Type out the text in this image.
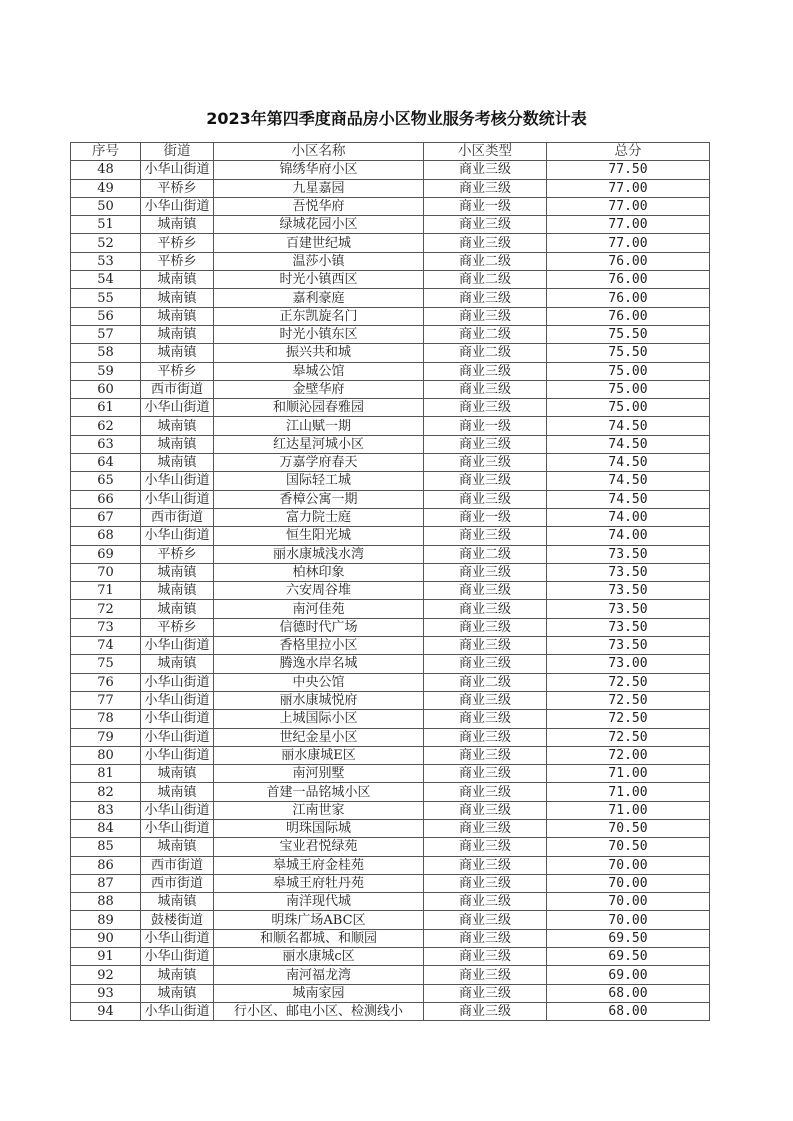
2023年第四季度商品房小区物业服务考核分数统计表
序号	街道	小区名称	小区类型	总分
48	小华山街道	锦绣华府小区	商业三级	77.50
49	平桥乡	九星嘉园	商业三级	77.00
50	小华山街道	吾悦华府	商业一级	77.00
51	城南镇	绿城花园小区	商业三级	77.00
52	平桥乡	百建世纪城	商业三级	77.00
53	平桥乡	温莎小镇	商业二级	76.00
54	城南镇	时光小镇西区	商业二级	76.00
55	城南镇	嘉利豪庭	商业三级	76.00
56	城南镇	正东凯旋名门	商业三级	76.00
57	城南镇	时光小镇东区	商业二级	75.50
58	城南镇	振兴共和城	商业二级	75.50
59	平桥乡	皋城公馆	商业三级	75.00
60	西市街道	金壁华府	商业三级	75.00
61	小华山街道	和顺沁园春雅园	商业三级	75.00
62	城南镇	江山赋一期	商业一级	74.50
63	城南镇	红达星河城小区	商业三级	74.50
64	城南镇	万嘉学府春天	商业三级	74.50
65	小华山街道	国际轻工城	商业三级	74.50
66	小华山街道	香樟公寓一期	商业三级	74.50
67	西市街道	富力院士庭	商业一级	74.00
68	小华山街道	恒生阳光城	商业三级	74.00
69	平桥乡	丽水康城浅水湾	商业二级	73.50
70	城南镇	柏林印象	商业三级	73.50
71	城南镇	六安周谷堆	商业三级	73.50
72	城南镇	南河佳苑	商业三级	73.50
73	平桥乡	信德时代广场	商业三级	73.50
74	小华山街道	香格里拉小区	商业三级	73.50
75	城南镇	腾逸水岸名城	商业三级	73.00
76	小华山街道	中央公馆	商业二级	72.50
77	小华山街道	丽水康城悦府	商业三级	72.50
78	小华山街道	上城国际小区	商业三级	72.50
79	小华山街道	世纪金星小区	商业三级	72.50
80	小华山街道	丽水康城E区	商业三级	72.00
81	城南镇	南河别墅	商业三级	71.00
82	城南镇	首建一品铭城小区	商业三级	71.00
83	小华山街道	江南世家	商业三级	71.00
84	小华山街道	明珠国际城	商业三级	70.50
85	城南镇	宝业君悦绿苑	商业三级	70.50
86	西市街道	皋城王府金桂苑	商业三级	70.00
87	西市街道	皋城王府牡丹苑	商业三级	70.00
88	城南镇	南洋现代城	商业三级	70.00
89	鼓楼街道	明珠广场ABC区	商业三级	70.00
90	小华山街道	和顺名都城、和顺园	商业三级	69.50
91	小华山街道	丽水康城c区	商业三级	69.50
92	城南镇	南河福龙湾	商业三级	69.00
93	城南镇	城南家园	商业三级	68.00
94	小华山街道	行小区、邮电小区、检测线小	商业三级	68.00
